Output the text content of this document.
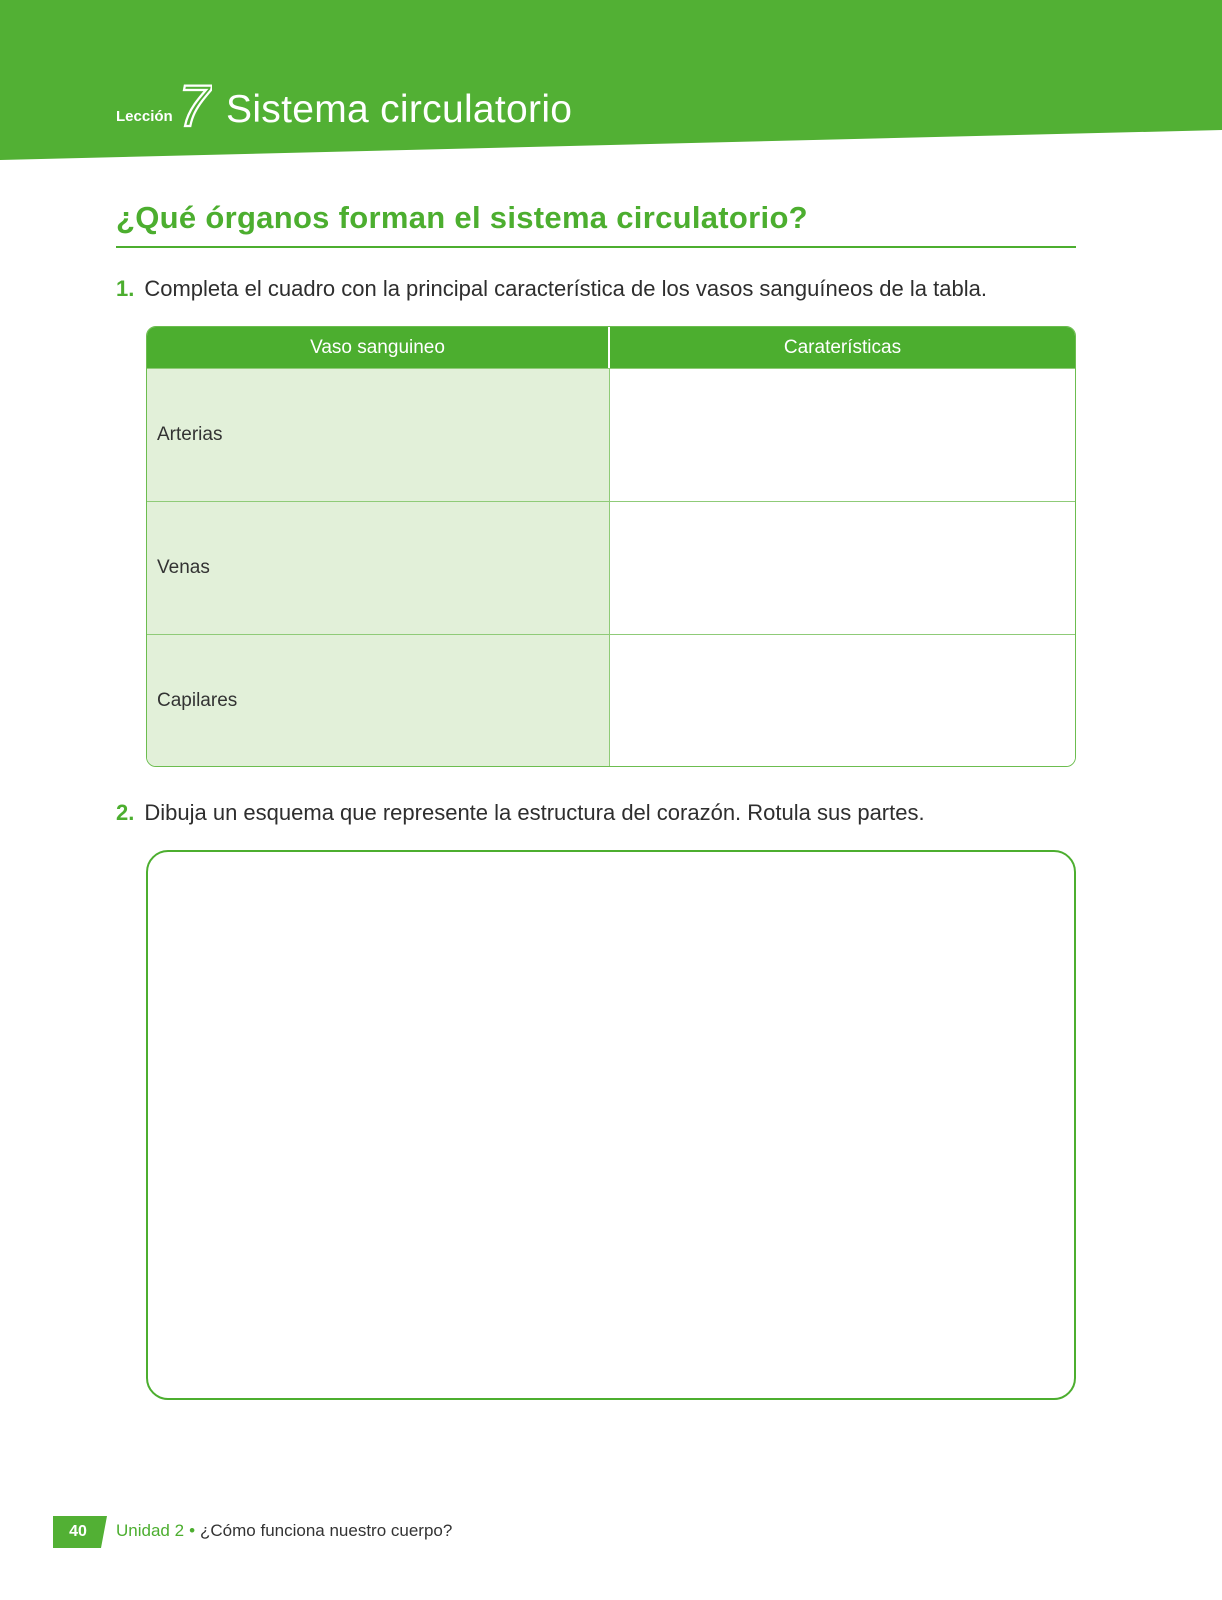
Lección 7 Sistema circulatorio
¿Qué órganos forman el sistema circulatorio?
1. Completa el cuadro con la principal característica de los vasos sanguíneos de la tabla.
Vaso sanguineo	Caraterísticas
Arterias
Venas
Capilares
2. Dibuja un esquema que represente la estructura del corazón. Rotula sus partes.
40	Unidad 2 • ¿Cómo funciona nuestro cuerpo?
